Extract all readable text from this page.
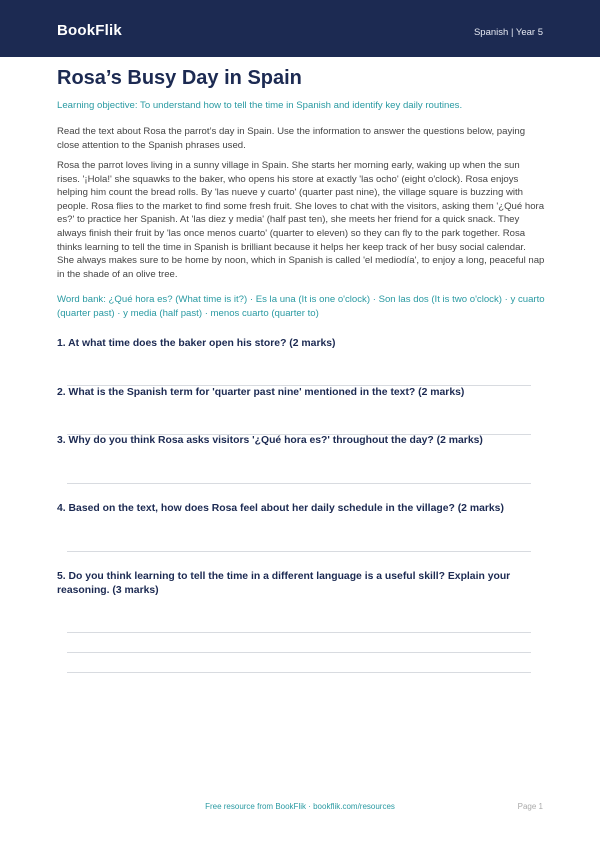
BookFlik	Spanish | Year 5
Rosa’s Busy Day in Spain

Learning objective: To understand how to tell the time in Spanish and identify key daily routines.

Read the text about Rosa the parrot’s day in Spain. Use the information to answer the questions below, paying close attention to the Spanish phrases used.

Rosa the parrot loves living in a sunny village in Spain. She starts her morning early, waking up when the sun rises. '¡Hola!' she squawks to the baker, who opens his store at exactly 'las ocho' (eight o'clock). Rosa enjoys helping him count the bread rolls. By 'las nueve y cuarto' (quarter past nine), the village square is buzzing with people. Rosa flies to the market to find some fresh fruit. She loves to chat with the visitors, asking them '¿Qué hora es?' to practice her Spanish. At 'las diez y media' (half past ten), she meets her friend for a quick snack. They always finish their fruit by 'las once menos cuarto' (quarter to eleven) so they can fly to the park together. Rosa thinks learning to tell the time in Spanish is brilliant because it helps her keep track of her busy social calendar. She always makes sure to be home by noon, which in Spanish is called 'el mediodía', to enjoy a long, peaceful nap in the shade of an olive tree.

Word bank: ¿Qué hora es? (What time is it?) · Es la una (It is one o'clock) · Son las dos (It is two o'clock) · y cuarto (quarter past) · y media (half past) · menos cuarto (quarter to)

1. At what time does the baker open his store? (2 marks)

2. What is the Spanish term for 'quarter past nine' mentioned in the text? (2 marks)

3. Why do you think Rosa asks visitors '¿Qué hora es?' throughout the day? (2 marks)

4. Based on the text, how does Rosa feel about her daily schedule in the village? (2 marks)

5. Do you think learning to tell the time in a different language is a useful skill? Explain your reasoning. (3 marks)

Free resource from BookFlik · bookflik.com/resources	Page 1
